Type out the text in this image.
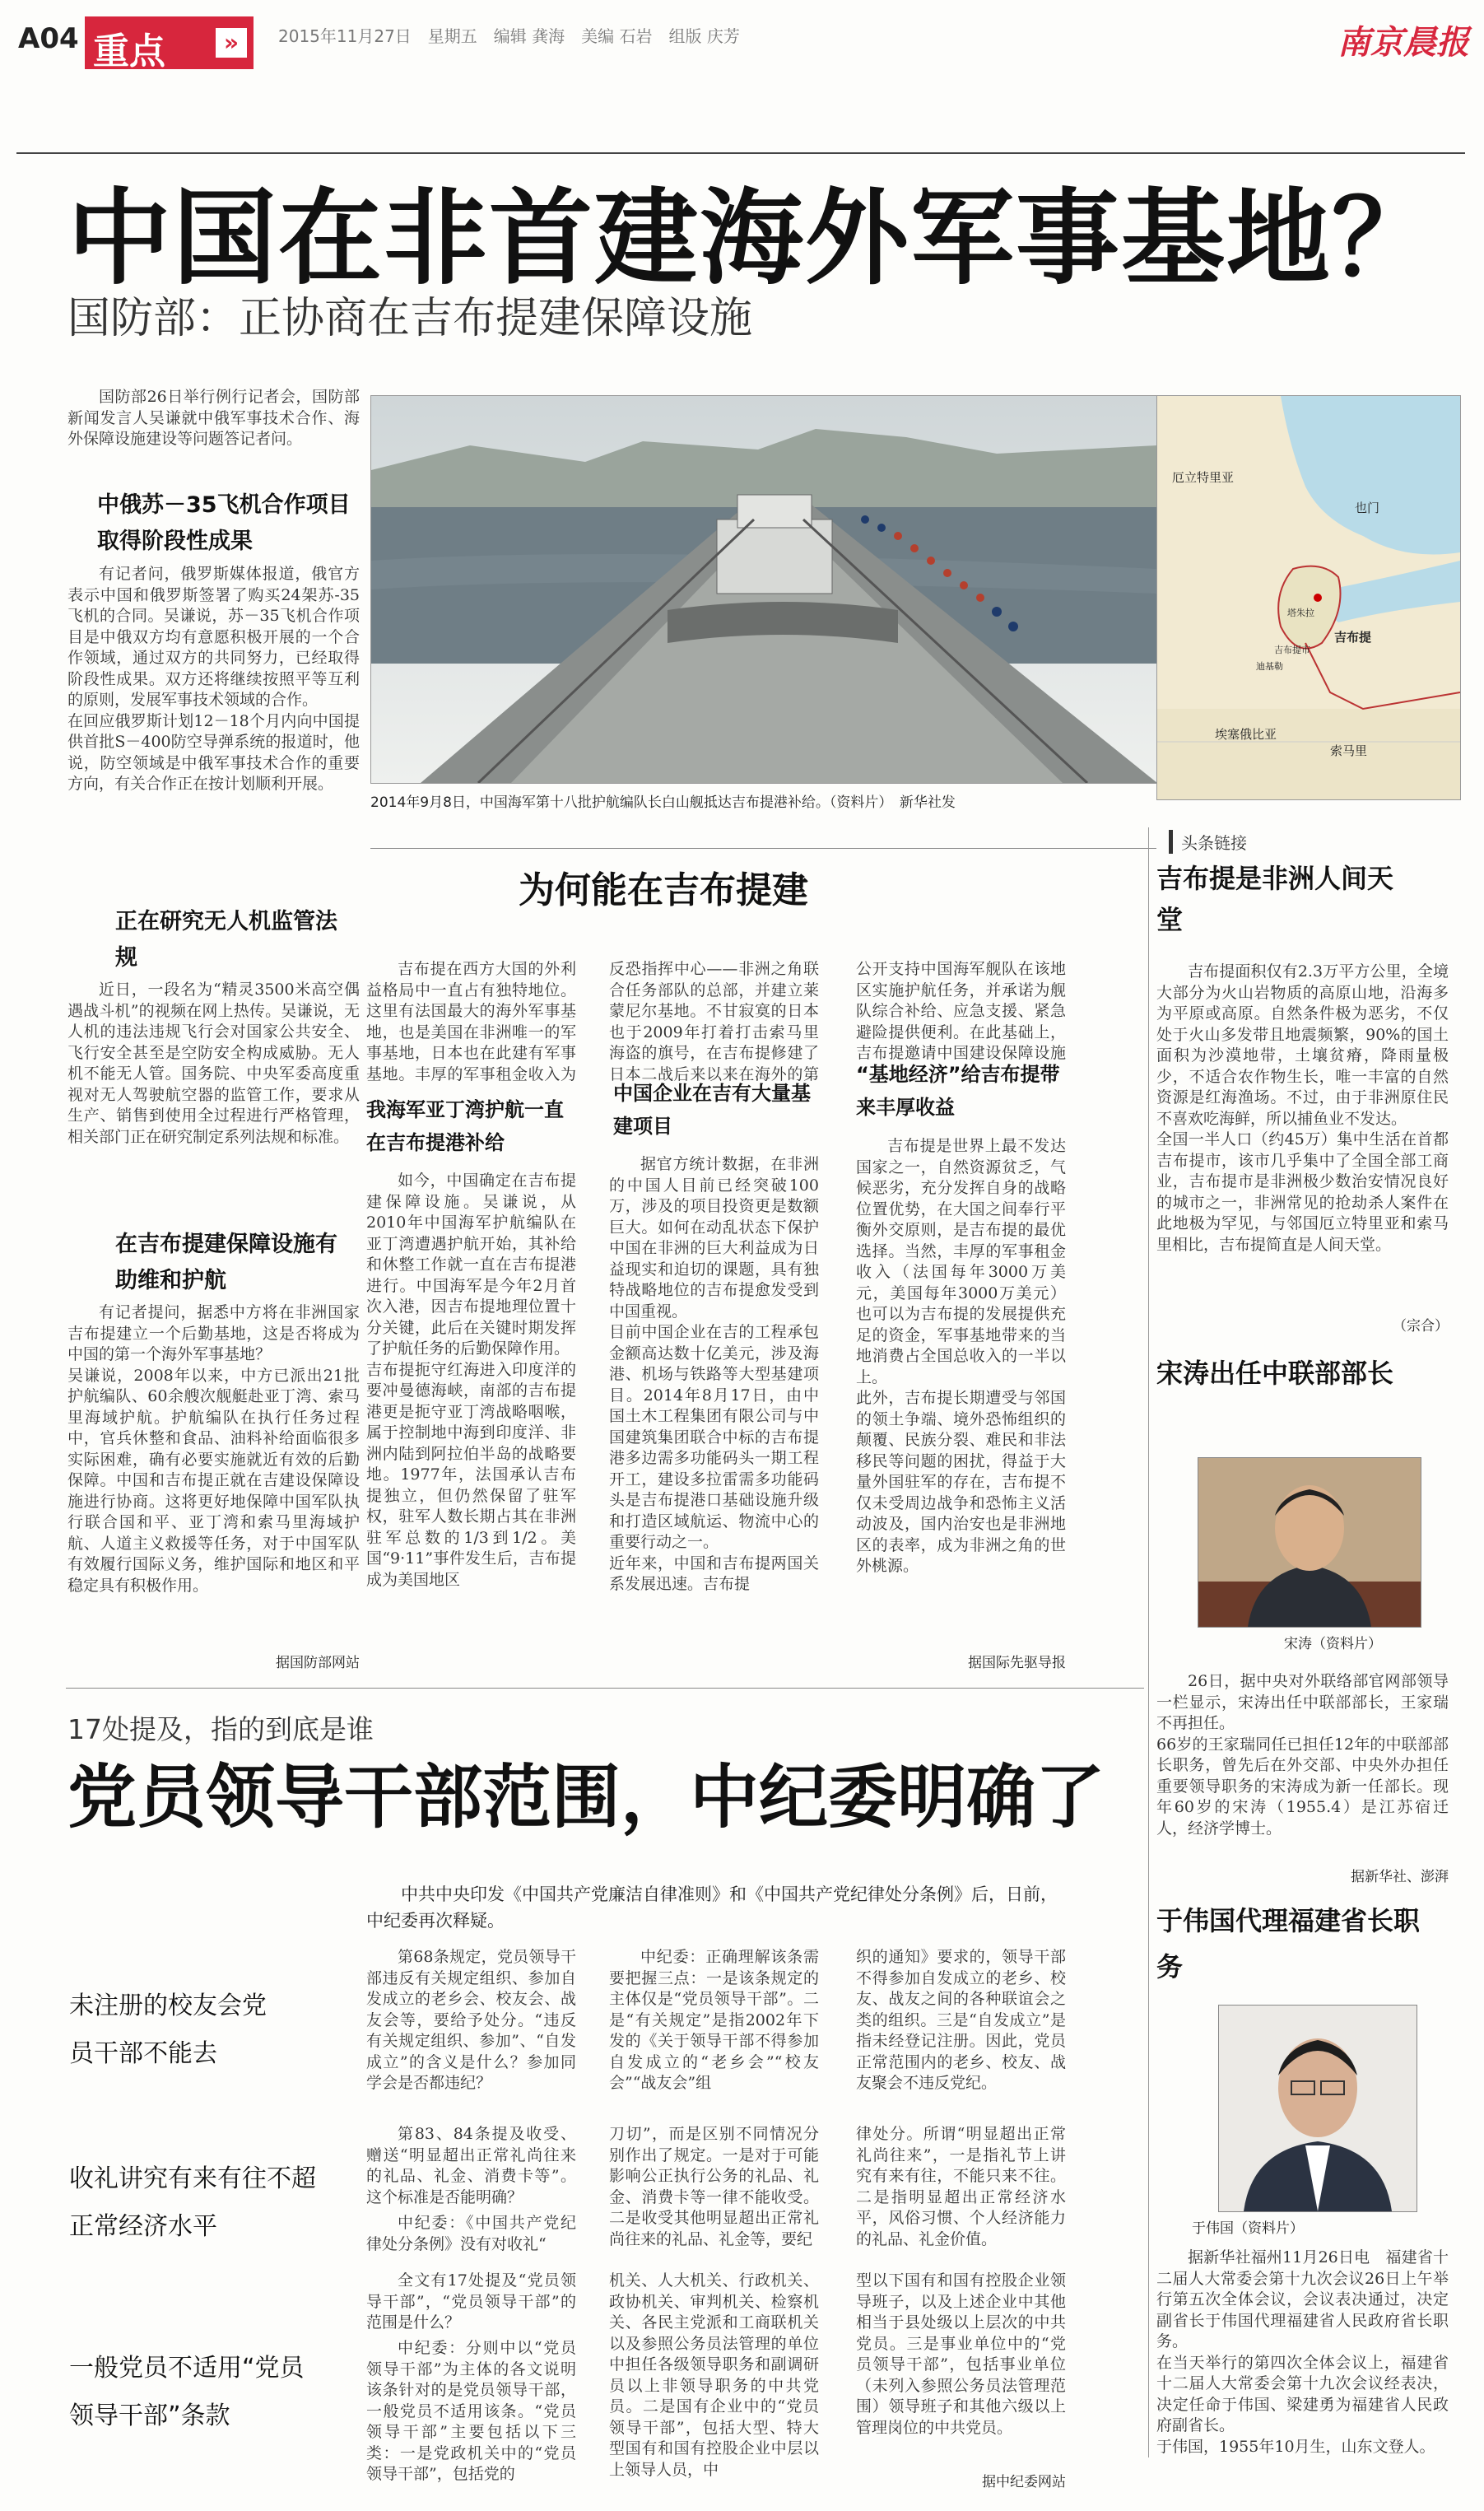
A04 重点	»	2015年11月27日　星期五　编辑 龚海　美编 石岩　组版 庆芳	南京晨报
中国在非首建海外军事基地？
国防部：正协商在吉布提建保障设施
国防部26日举行例行记者会，国防部新闻发言人吴谦就中俄军事技术合作、海外保障设施建设等问题答记者问。
中俄苏－35飞机合作项目取得阶段性成果
有记者问，俄罗斯媒体报道，俄官方表示中国和俄罗斯签署了购买24架苏-35飞机的合同。吴谦说，苏－35飞机合作项目是中俄双方均有意愿积极开展的一个合作领域，通过双方的共同努力，已经取得阶段性成果。双方还将继续按照平等互利的原则，发展军事技术领域的合作。
在回应俄罗斯计划12－18个月内向中国提供首批S－400防空导弹系统的报道时，他说，防空领域是中俄军事技术合作的重要方向，有关合作正在按计划顺利开展。
正在研究无人机监管法规
近日，一段名为“精灵3500米高空偶遇战斗机”的视频在网上热传。吴谦说，无人机的违法违规飞行会对国家公共安全、飞行安全甚至是空防安全构成威胁。无人机不能无人管。国务院、中央军委高度重视对无人驾驶航空器的监管工作，要求从生产、销售到使用全过程进行严格管理，相关部门正在研究制定系列法规和标准。
在吉布提建保障设施有助维和护航
有记者提问，据悉中方将在非洲国家吉布提建立一个后勤基地，这是否将成为中国的第一个海外军事基地？
吴谦说，2008年以来，中方已派出21批护航编队、60余艘次舰艇赴亚丁湾、索马里海域护航。护航编队在执行任务过程中，官兵休整和食品、油料补给面临很多实际困难，确有必要实施就近有效的后勤保障。中国和吉布提正就在吉建设保障设施进行协商。这将更好地保障中国军队执行联合国和平、亚丁湾和索马里海域护航、人道主义救援等任务，对于中国军队有效履行国际义务，维护国际和地区和平稳定具有积极作用。
据国防部网站
2014年9月8日，中国海军第十八批护航编队长白山舰抵达吉布提港补给。（资料片）　新华社发
厄立特里亚
也门
吉布提
埃塞俄比亚
索马里
吉布提市
塔朱拉
迪基勒
为何能在吉布提建
吉布提在西方大国的外利益格局中一直占有独特地位。这里有法国最大的海外军事基地，也是美国在非洲唯一的军事基地，日本也在此建有军事基地。丰厚的军事租金收入为
我海军亚丁湾护航一直在吉布提港补给
如今，中国确定在吉布提建保障设施。吴谦说，从2010年中国海军护航编队在亚丁湾遭遇护航开始，其补给和休整工作就一直在吉布提港进行。中国海军是今年2月首次入港，因吉布提地理位置十分关键，此后在关键时期发挥了护航任务的后勤保障作用。
吉布提扼守红海进入印度洋的要冲曼德海峡，南部的吉布提港更是扼守亚丁湾战略咽喉，属于控制地中海到印度洋、非洲内陆到阿拉伯半岛的战略要地。1977年，法国承认吉布提独立，但仍然保留了驻军权，驻军人数长期占其在非洲驻军总数的1/3到1/2。美国“9·11”事件发生后，吉布提成为美国地区
反恐指挥中心——非洲之角联合任务部队的总部，并建立莱蒙尼尔基地。不甘寂寞的日本也于2009年打着打击索马里海盗的旗号，在吉布提修建了日本二战后来以来在海外的第
中国企业在吉有大量基建项目
据官方统计数据，在非洲的中国人目前已经突破100万，涉及的项目投资更是数额巨大。如何在动乱状态下保护中国在非洲的巨大利益成为日益现实和迫切的课题，具有独特战略地位的吉布提愈发受到中国重视。
目前中国企业在吉的工程承包金额高达数十亿美元，涉及海港、机场与铁路等大型基建项目。2014年8月17日，由中国土木工程集团有限公司与中国建筑集团联合中标的吉布提港多边需多功能码头一期工程开工，建设多拉雷需多功能码头是吉布提港口基础设施升级和打造区域航运、物流中心的重要行动之一。
近年来，中国和吉布提两国关系发展迅速。吉布提
公开支持中国海军舰队在该地区实施护航任务，并承诺为舰队综合补给、应急支援、紧急避险提供便利。在此基础上，吉布提邀请中国建设保障设施
“基地经济”给吉布提带来丰厚收益
吉布提是世界上最不发达国家之一，自然资源贫乏，气候恶劣，充分发挥自身的战略位置优势，在大国之间奉行平衡外交原则，是吉布提的最优选择。当然，丰厚的军事租金收入（法国每年3000万美元，美国每年3000万美元）也可以为吉布提的发展提供充足的资金，军事基地带来的当地消费占全国总收入的一半以上。
此外，吉布提长期遭受与邻国的领土争端、境外恐怖组织的颠覆、民族分裂、难民和非法移民等问题的困扰，得益于大量外国驻军的存在，吉布提不仅未受周边战争和恐怖主义活动波及，国内治安也是非洲地区的表率，成为非洲之角的世外桃源。
据国际先驱导报
头条链接
吉布提是非洲人间天堂
吉布提面积仅有2.3万平方公里，全境大部分为火山岩物质的高原山地，沿海多为平原或高原。自然条件极为恶劣，不仅处于火山多发带且地震频繁，90%的国土面积为沙漠地带，土壤贫瘠，降雨量极少，不适合农作物生长，唯一丰富的自然资源是红海渔场。不过，由于非洲原住民不喜欢吃海鲜，所以捕鱼业不发达。
全国一半人口（约45万）集中生活在首都吉布提市，该市几乎集中了全国全部工商业，吉布提市是非洲极少数治安情况良好的城市之一，非洲常见的抢劫杀人案件在此地极为罕见，与邻国厄立特里亚和索马里相比，吉布提简直是人间天堂。
（宗合）
宋涛出任中联部部长
宋涛（资料片）
26日，据中央对外联络部官网部领导一栏显示，宋涛出任中联部部长，王家瑞不再担任。
66岁的王家瑞同任已担任12年的中联部部长职务，曾先后在外交部、中央外办担任重要领导职务的宋涛成为新一任部长。现年60岁的宋涛（1955.4）是江苏宿迁人，经济学博士。
据新华社、澎湃
于伟国代理福建省长职务
于伟国（资料片）
据新华社福州11月26日电　福建省十二届人大常委会第十九次会议26日上午举行第五次全体会议，会议表决通过，决定副省长于伟国代理福建省人民政府省长职务。
在当天举行的第四次全体会议上，福建省十二届人大常委会第十九次会议经表决，决定任命于伟国、梁建勇为福建省人民政府副省长。
于伟国，1955年10月生，山东文登人。
17处提及，指的到底是谁
党员领导干部范围，中纪委明确了
中共中央印发《中国共产党廉洁自律准则》和《中国共产党纪律处分条例》后，日前，中纪委再次释疑。
未注册的校友会党员干部不能去
收礼讲究有来有往不超正常经济水平
一般党员不适用“党员领导干部”条款
第68条规定，党员领导干部违反有关规定组织、参加自发成立的老乡会、校友会、战友会等，要给予处分。“违反有关规定组织、参加”、“自发成立”的含义是什么？参加同学会是否都违纪？
中纪委：正确理解该条需要把握三点：一是该条规定的主体仅是“党员领导干部”。二是“有关规定”是指2002年下发的《关于领导干部不得参加自发成立的“老乡会”“校友会”“战友会”组
织的通知》要求的，领导干部不得参加自发成立的老乡、校友、战友之间的各种联谊会之类的组织。三是“自发成立”是指未经登记注册。因此，党员正常范围内的老乡、校友、战友聚会不违反党纪。
第83、84条提及收受、赠送“明显超出正常礼尚往来的礼品、礼金、消费卡等”。这个标准是否能明确？
中纪委：《中国共产党纪律处分条例》没有对收礼“
刀切”，而是区别不同情况分别作出了规定。一是对于可能影响公正执行公务的礼品、礼金、消费卡等一律不能收受。二是收受其他明显超出正常礼尚往来的礼品、礼金等，要纪
律处分。所谓“明显超出正常礼尚往来”，一是指礼节上讲究有来有往，不能只来不往。二是指明显超出正常经济水平，风俗习惯、个人经济能力的礼品、礼金价值。
全文有17处提及“党员领导干部”，“党员领导干部”的范围是什么？
中纪委：分则中以“党员领导干部”为主体的各文说明该条针对的是党员领导干部，一般党员不适用该条。“党员领导干部”主要包括以下三类：一是党政机关中的“党员领导干部”，包括党的
机关、人大机关、行政机关、政协机关、审判机关、检察机关、各民主党派和工商联机关以及参照公务员法管理的单位中担任各级领导职务和副调研员以上非领导职务的中共党员。二是国有企业中的“党员领导干部”，包括大型、特大型国有和国有控股企业中层以上领导人员，中
型以下国有和国有控股企业领导班子，以及上述企业中其他相当于县处级以上层次的中共党员。三是事业单位中的“党员领导干部”，包括事业单位（未列入参照公务员法管理范围）领导班子和其他六级以上管理岗位的中共党员。
据中纪委网站
